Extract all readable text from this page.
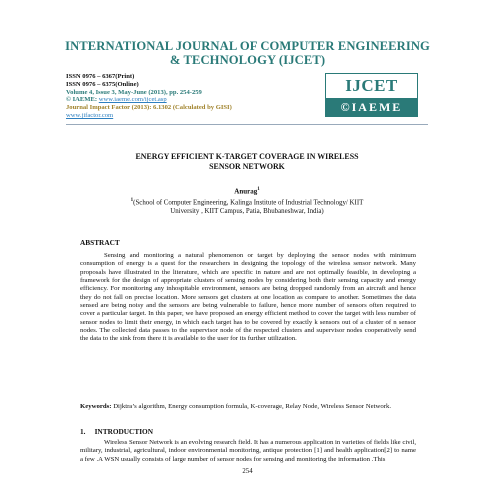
INTERNATIONAL JOURNAL OF COMPUTER ENGINEERING
& TECHNOLOGY (IJCET)
ISSN 0976 – 6367(Print)
ISSN 0976 – 6375(Online)
Volume 4, Issue 3, May-June (2013), pp. 254-259
© IAEME: www.iaeme.com/ijcet.asp
Journal Impact Factor (2013): 6.1302 (Calculated by GISI)
www.jifactor.com
IJCET
©IAEME
ENERGY EFFICIENT K-TARGET COVERAGE IN WIRELESS
SENSOR NETWORK
Anurag$^1$
$^1$(School of Computer Engineering, Kalinga Institute of Industrial Technology/ KIIT
University , KIIT Campus, Patia, Bhubaneshwar, India)
ABSTRACT
Sensing and monitoring a natural phenomenon or target by deploying the sensor nodes with minimum consumption of energy is a quest for the researchers in designing the topology of the wireless sensor network. Many proposals have illustrated in the literature, which are specific in nature and are not optimally feasible, in developing a framework for the design of appropriate clusters of sensing nodes by considering both their sensing capacity and energy efficiency. For monitoring any inhospitable environment, sensors are being dropped randomly from an aircraft and hence they do not fall on precise location. More sensors get clusters at one location as compare to another. Sometimes the data sensed are being noisy and the sensors are being vulnerable to failure, hence more number of sensors often required to cover a particular target. In this paper, we have proposed an energy efficient method to cover the target with less number of sensor nodes to limit their energy, in which each target has to be covered by exactly k sensors out of a cluster of n sensor nodes. The collected data passes to the supervisor node of the respected clusters and supervisor nodes cooperatively send the data to the sink from there it is available to the user for its further utilization.
Keywords: Dijktra’s algorithm, Energy consumption formula, K-coverage, Relay Node, Wireless Sensor Network.
1.     INTRODUCTION
Wireless Sensor Network is an evolving research field. It has a numerous application in varieties of fields like civil, military, industrial, agricultural, indoor environmental monitoring, antique protection [1] and health application[2] to name a few .A WSN usually consists of large number of sensor nodes for sensing and monitoring the information .This
254
